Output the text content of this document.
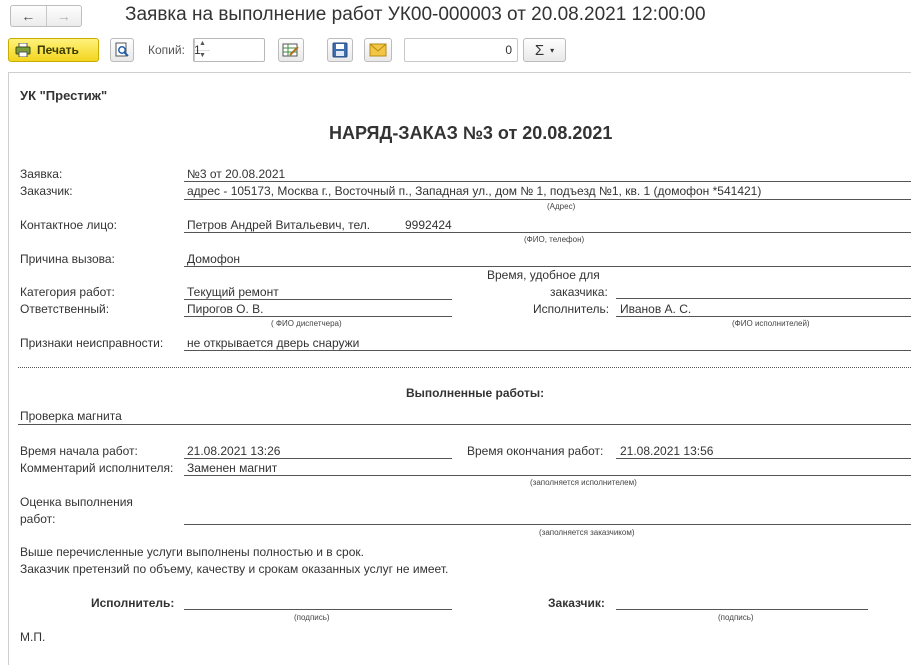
← →	Заявка на выполнение работ УК00-000003 от 20.08.2021 12:00:00
Печать	Копий: 1
▲
▼	0	Σ ▾
УК "Престиж"
НАРЯД-ЗАКАЗ №3 от 20.08.2021
Заявка:	№3 от 20.08.2021
Заказчик:	адрес - 105173, Москва г., Восточный п., Западная ул., дом № 1, подъезд №1, кв. 1 (домофон *541421)
(Адрес)
Контактное лицо:	Петров Андрей Витальевич, тел.	9992424
(ФИО, телефон)
Причина вызова:	Домофон
Время, удобное для
заказчика:
Категория работ:	Текущий ремонт
Ответственный:	Пирогов О. В.
( ФИО диспетчера)
Исполнитель: Иванов А. С.
(ФИО исполнителей)
Признаки неисправности: не открывается дверь снаружи
Выполненные работы:
Проверка магнита
Время начала работ:	21.08.2021 13:26	Время окончания работ: 21.08.2021 13:56
Комментарий исполнителя: Заменен магнит
(заполняется исполнителем)
Оценка выполнения
работ:
(заполняется заказчиком)
Выше перечисленные услуги выполнены полностью и в срок.
Заказчик претензий по объему, качеству и срокам оказанных услуг не имеет.
Исполнитель:
(подпись)
Заказчик:
(подпись)
М.П.
